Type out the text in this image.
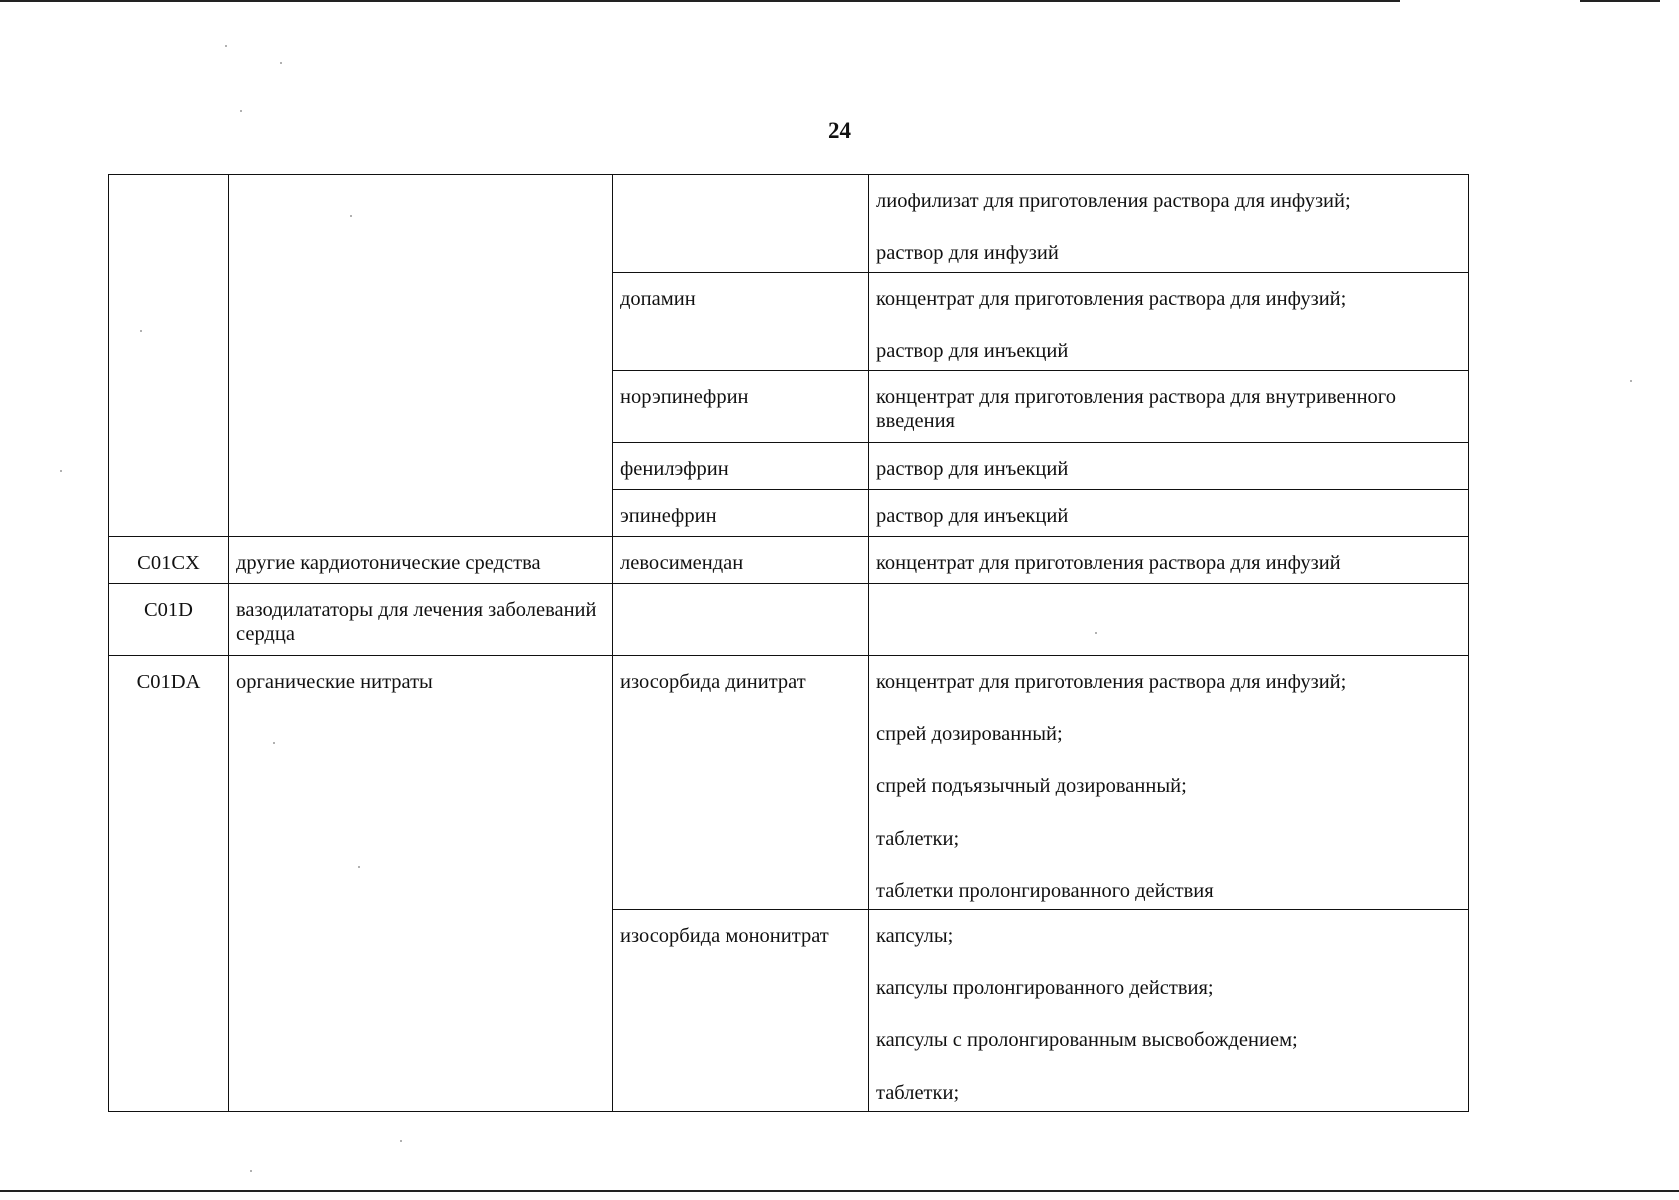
24

			лиофилизат для приготовления раствора для инфузий;
раствор для инфузий

		допамин	концентрат для приготовления раствора для инфузий;
раствор для инъекций

		норэпинефрин	концентрат для приготовления раствора для внутривенного введения

		фенилэфрин	раствор для инъекций

		эпинефрин	раствор для инъекций

C01CX	другие кардиотонические средства	левосимендан	концентрат для приготовления раствора для инфузий

C01D	вазодилататоры для лечения заболеваний сердца		
C01DA	органические нитраты	изосорбида динитрат	концентрат для приготовления раствора для инфузий;
спрей дозированный;
спрей подъязычный дозированный;
таблетки;
таблетки пролонгированного действия

		изосорбида мононитрат	капсулы;
капсулы пролонгированного действия;
капсулы с пролонгированным высвобождением;
таблетки;
